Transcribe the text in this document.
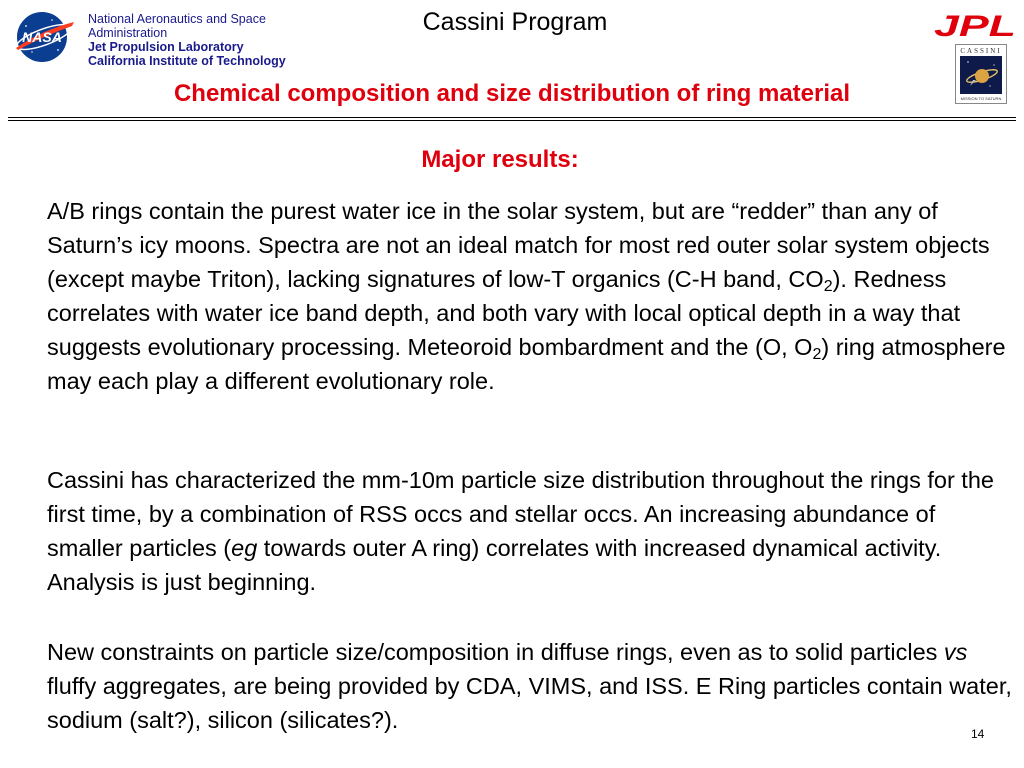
NASA
National Aeronautics and Space
Administration
Jet Propulsion Laboratory
California Institute of Technology
Cassini Program	JPL
CASSINI
MISSION TO SATURN
Chemical composition and size distribution of ring material
Major results:
A/B rings contain the purest water ice in the solar system, but are “redder” than any of Saturn’s icy moons. Spectra are not an ideal match for most red outer solar system objects (except maybe Triton), lacking signatures of low-T organics (C-H band, $CO_2$). Redness correlates with water ice band depth, and both vary with local optical depth in a way that suggests evolutionary processing. Meteoroid bombardment and the (O, $O_2$) ring atmosphere may each play a different evolutionary role.
Cassini has characterized the mm-10m particle size distribution throughout the rings for the first time, by a combination of RSS occs and stellar occs. An increasing abundance of smaller particles (eg towards outer A ring) correlates with increased dynamical activity. Analysis is just beginning.
New constraints on particle size/composition in diffuse rings, even as to solid particles vs fluffy aggregates, are being provided by CDA, VIMS, and ISS. E Ring particles contain water, sodium (salt?), silicon (silicates?).
14
